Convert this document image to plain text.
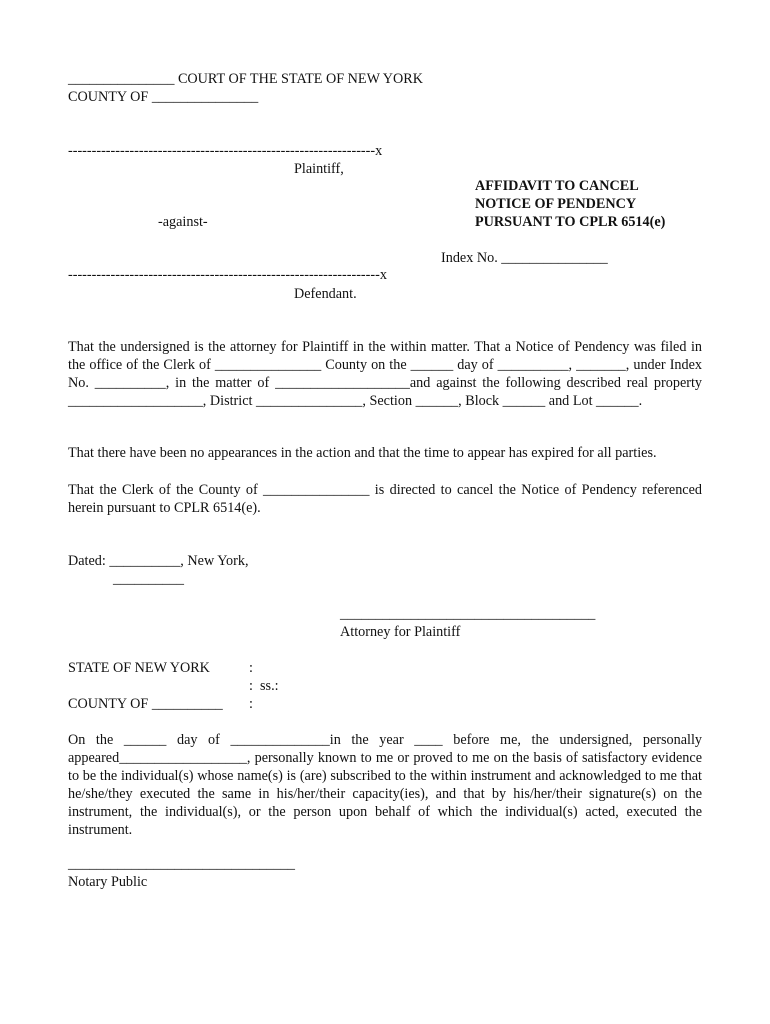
_______________ COURT OF THE STATE OF NEW YORK
COUNTY OF _______________
-----------------------------------------------------------------x
Plaintiff,
AFFIDAVIT TO CANCEL
NOTICE OF PENDENCY
PURSUANT TO CPLR 6514(e)
-against-
Index No. _______________
------------------------------------------------------------------x
Defendant.
That the undersigned is the attorney for Plaintiff in the within matter. That a Notice of Pendency was filed in the office of the Clerk of _______________ County on the ______ day of __________, _______, under Index No. __________, in the matter of ___________________and against the following described real property ___________________, District _______________, Section ______, Block ______ and Lot ______.
That there have been no appearances in the action and that the time to appear has expired for all parties.
That the Clerk of the County of _______________ is directed to cancel the Notice of Pendency referenced herein pursuant to CPLR 6514(e).
Dated: __________, New York,
__________
____________________________________
Attorney for Plaintiff
STATE OF NEW YORK	:
:  ss.:
COUNTY OF __________ :
On the ______ day of ______________in the year ____ before me, the undersigned, personally appeared__________________, personally known to me or proved to me on the basis of satisfactory evidence to be the individual(s) whose name(s) is (are) subscribed to the within instrument and acknowledged to me that he/she/they executed the same in his/her/their capacity(ies), and that by his/her/their signature(s) on the instrument, the individual(s), or the person upon behalf of which the individual(s) acted, executed the instrument.
________________________________
Notary Public
